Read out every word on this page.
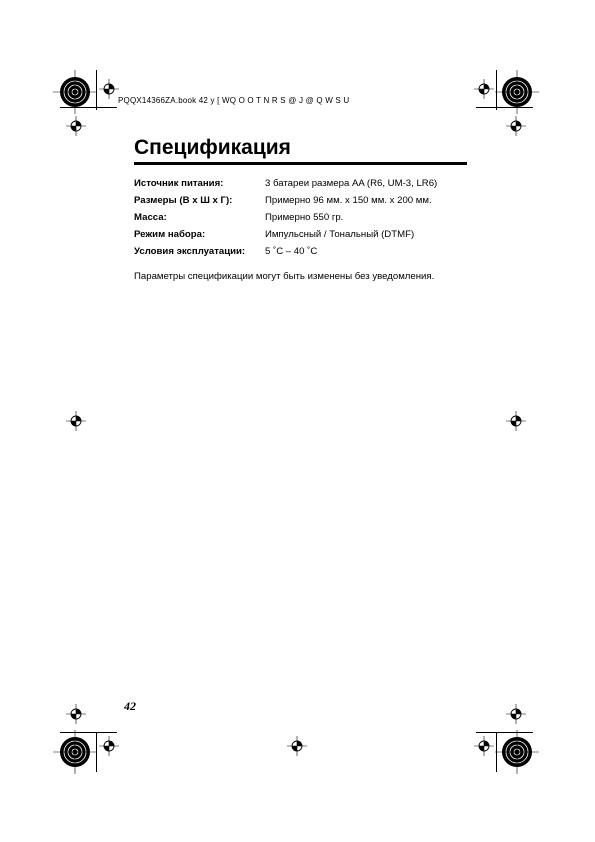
PQQX14366ZA.book 42 y [ WQ O O T N R S @ J @ Q W S U
Спецификация
Источник питания:	3 батареи размера AA (R6, UM-3, LR6)
Размеры (В x Ш x Г):	Примерно 96 мм. x 150 мм. x 200 мм.
Масса:	Примерно 550 гр.
Режим набора:	Импульсный / Тональный (DTMF)
Условия эксплуатации:	5 ˚C – 40 ˚C
Параметры спецификации могут быть изменены без уведомления.
42
